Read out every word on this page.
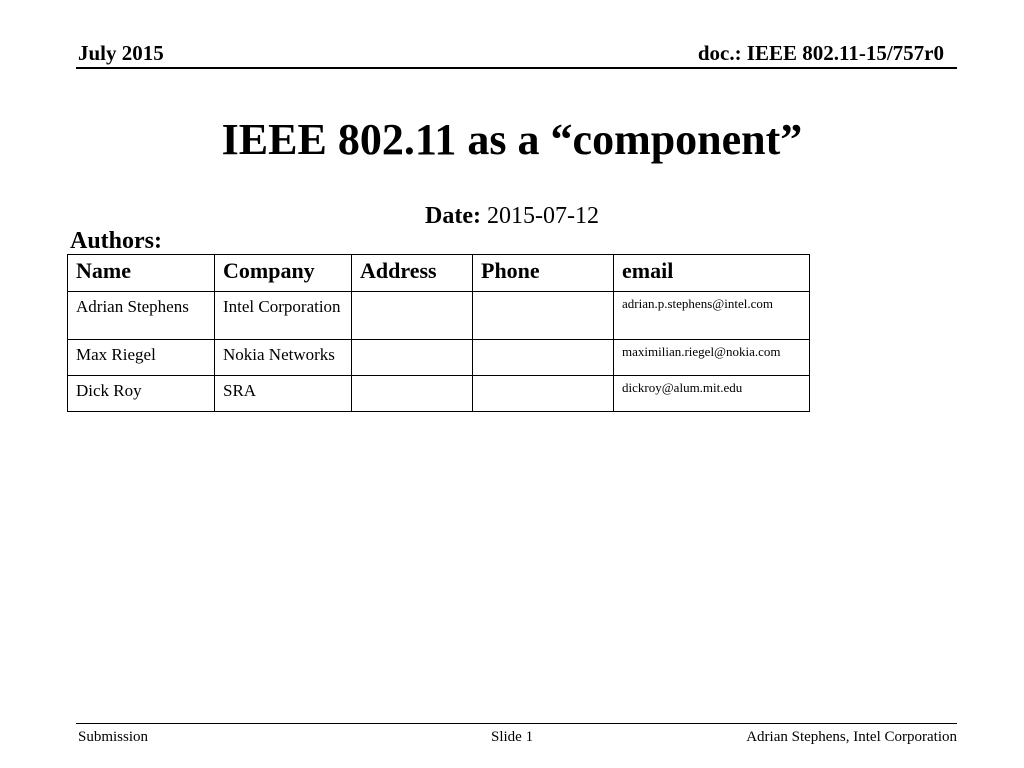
July 2015	doc.: IEEE 802.11-15/757r0
IEEE 802.11 as a “component”
Date: 2015-07-12
Authors:
Name	Company	Address	Phone	email
Adrian Stephens	Intel Corporation			adrian.p.stephens@intel.com
Max Riegel	Nokia Networks			maximilian.riegel@nokia.com
Dick Roy	SRA			dickroy@alum.mit.edu
Submission	Slide 1	Adrian Stephens, Intel Corporation
